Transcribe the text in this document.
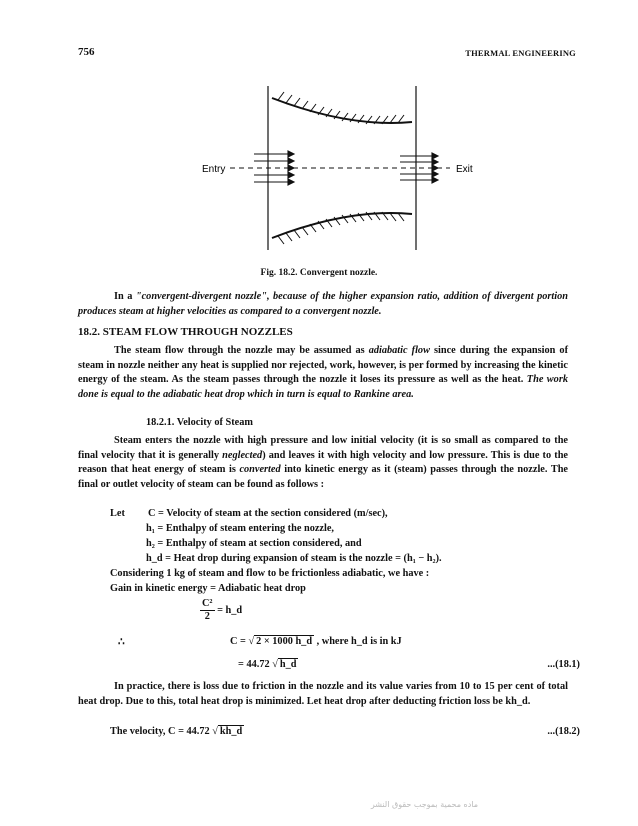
756	THERMAL ENGINEERING
Entry	Exit
Fig. 18.2. Convergent nozzle.
In a "convergent-divergent nozzle", because of the higher expansion ratio, addition of divergent portion produces steam at higher velocities as compared to a convergent nozzle.
18.2. STEAM FLOW THROUGH NOZZLES
The steam flow through the nozzle may be assumed as adiabatic flow since during the expansion of steam in nozzle neither any heat is supplied nor rejected, work, however, is per formed by increasing the kinetic energy of the steam. As the steam passes through the nozzle it loses its pressure as well as the heat. The work done is equal to the adiabatic heat drop which in turn is equal to Rankine area.
18.2.1. Velocity of Steam
Steam enters the nozzle with high pressure and low initial velocity (it is so small as compared to the final velocity that it is generally neglected) and leaves it with high velocity and low pressure. This is due to the reason that heat energy of steam is converted into kinetic energy as it (steam) passes through the nozzle. The final or outlet velocity of steam can be found as follows :
Let C = Velocity of steam at the section considered (m/sec),
h₁ = Enthalpy of steam entering the nozzle,
h₂ = Enthalpy of steam at section considered, and
h_d = Heat drop during expansion of steam is the nozzle = (h₁ − h₂).
Considering 1 kg of steam and flow to be frictionless adiabatic, we have :
Gain in kinetic energy = Adiabatic heat drop
$\frac{\text{C²}}{2}$ = h_d
∴	C = √ 2 × 1000 h_d , where h_d is in kJ
= 44.72 √ h_d	...(18.1)
In practice, there is loss due to friction in the nozzle and its value varies from 10 to 15 per cent of total heat drop. Due to this, total heat drop is minimized. Let heat drop after deducting friction loss be kh_d.
The velocity, C = 44.72 √ kh_d	...(18.2)
ماده محمية بموجب حقوق النشر
